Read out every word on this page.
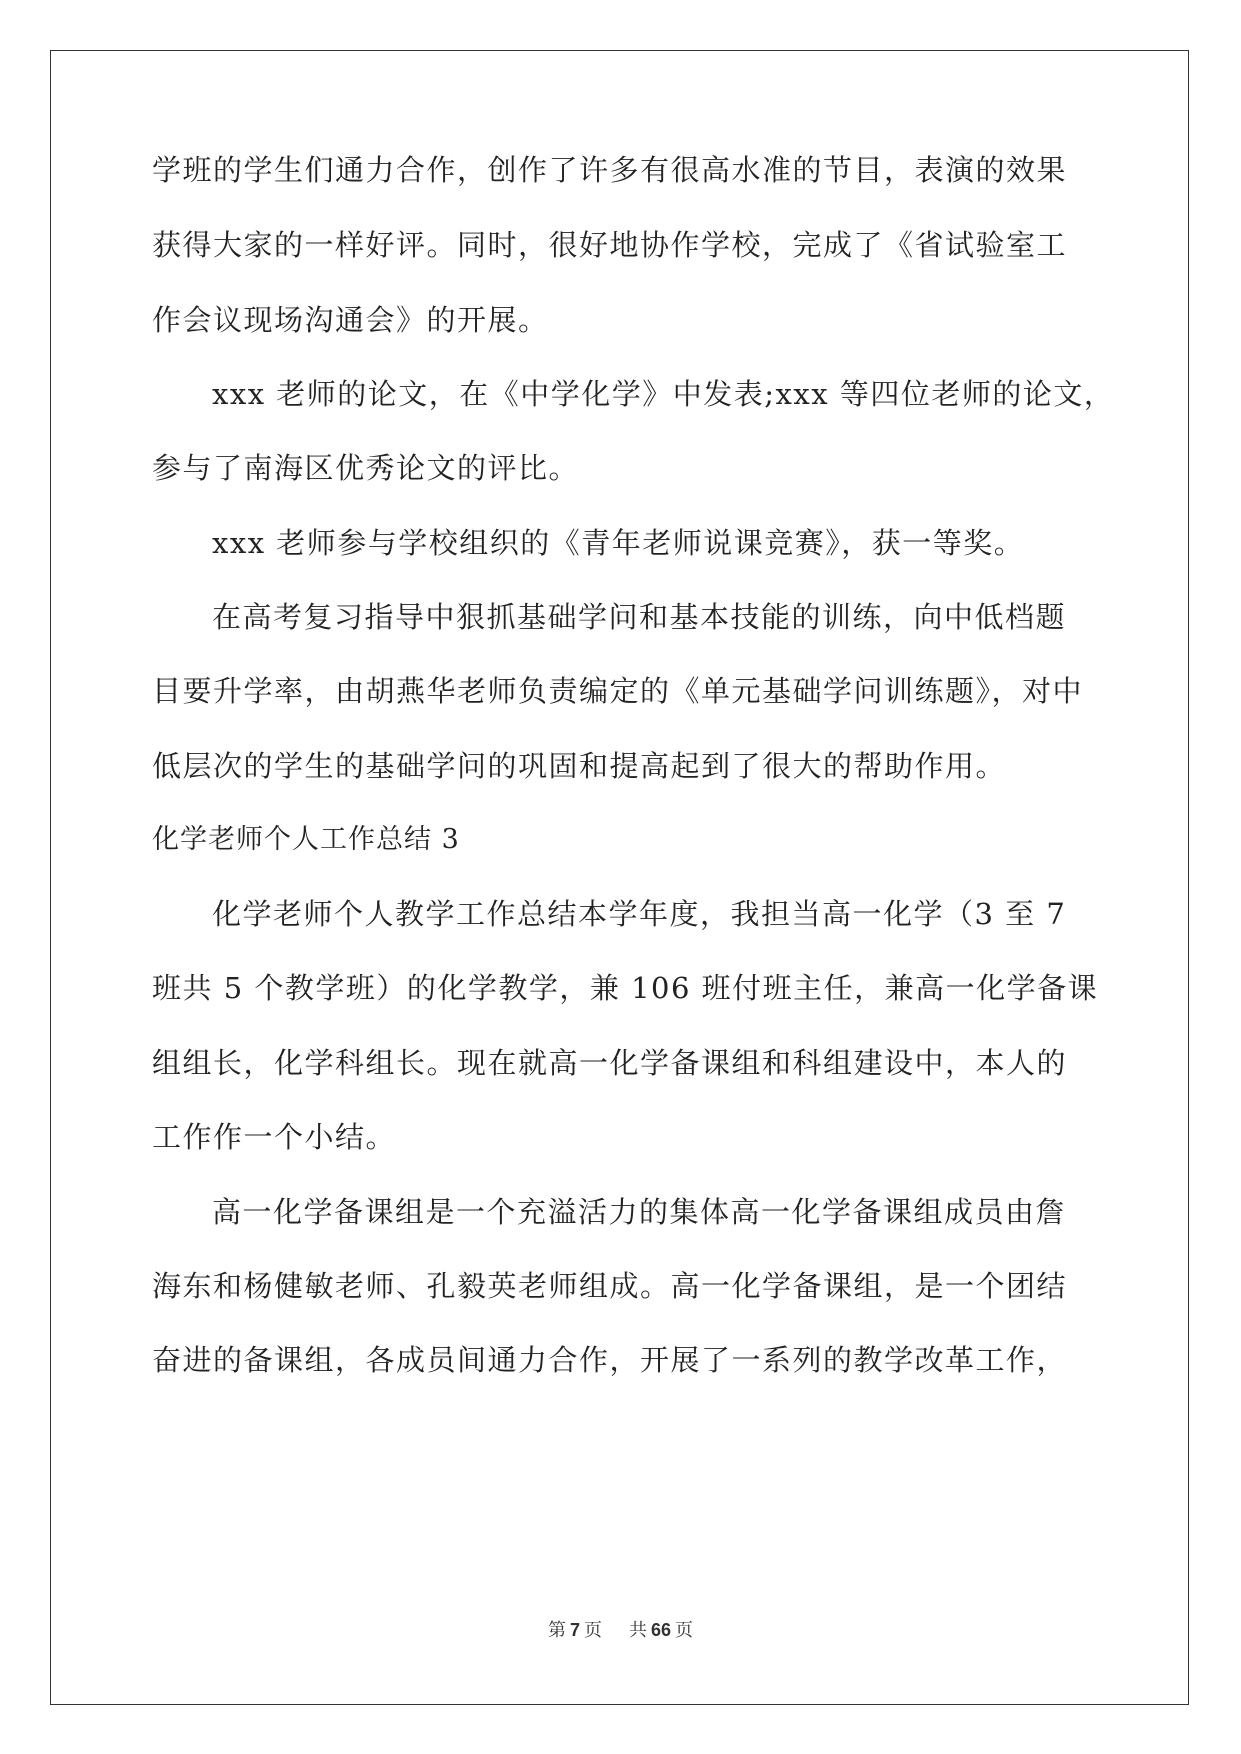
学班的学生们通力合作，创作了许多有很高水准的节目，表演的效果
获得大家的一样好评。同时，很好地协作学校，完成了《省试验室工
作会议现场沟通会》的开展。
xxx 老师的论文，在《中学化学》中发表;xxx 等四位老师的论文，
参与了南海区优秀论文的评比。
xxx 老师参与学校组织的《青年老师说课竞赛》，获一等奖。
在高考复习指导中狠抓基础学问和基本技能的训练，向中低档题
目要升学率，由胡燕华老师负责编定的《单元基础学问训练题》，对中
低层次的学生的基础学问的巩固和提高起到了很大的帮助作用。
化学老师个人工作总结 3
化学老师个人教学工作总结本学年度，我担当高一化学（3 至 7
班共 5 个教学班）的化学教学，兼 106 班付班主任，兼高一化学备课
组组长，化学科组长。现在就高一化学备课组和科组建设中，本人的
工作作一个小结。
高一化学备课组是一个充溢活力的集体高一化学备课组成员由詹
海东和杨健敏老师、孔毅英老师组成。高一化学备课组，是一个团结
奋进的备课组，各成员间通力合作，开展了一系列的教学改革工作，
第 7 页 共 66 页
